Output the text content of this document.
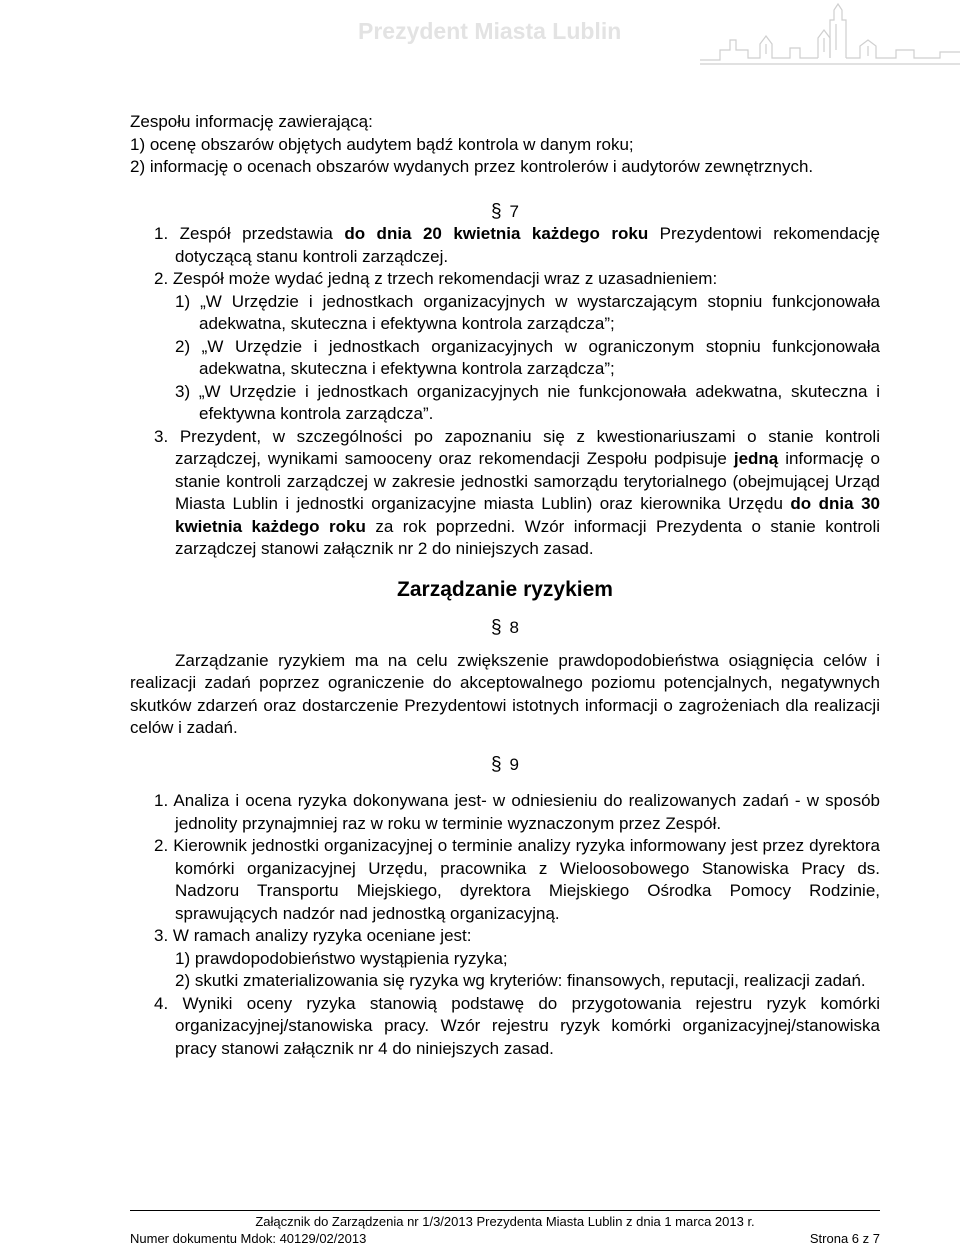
Prezydent Miasta Lublin
Zespołu informację zawierającą:
1) ocenę obszarów objętych audytem bądź kontrola w danym roku;
2) informację o ocenach obszarów wydanych przez kontrolerów i audytorów zewnętrznych.
§ 7
1. Zespół przedstawia do dnia 20 kwietnia każdego roku Prezydentowi rekomendację dotyczącą stanu kontroli zarządczej.
2. Zespół może wydać jedną z trzech rekomendacji wraz z uzasadnieniem:
1) „W Urzędzie i jednostkach organizacyjnych w wystarczającym stopniu funkcjonowała adekwatna, skuteczna i efektywna kontrola zarządcza”;
2) „W Urzędzie i jednostkach organizacyjnych w ograniczonym stopniu funkcjonowała adekwatna, skuteczna i efektywna kontrola zarządcza”;
3) „W Urzędzie i jednostkach organizacyjnych nie funkcjonowała adekwatna, skuteczna i efektywna kontrola zarządcza”.
3. Prezydent, w szczególności po zapoznaniu się z kwestionariuszami o stanie kontroli zarządczej, wynikami samooceny oraz rekomendacji Zespołu podpisuje jedną informację o stanie kontroli zarządczej w zakresie jednostki samorządu terytorialnego (obejmującej Urząd Miasta Lublin i jednostki organizacyjne miasta Lublin) oraz kierownika Urzędu do dnia 30 kwietnia każdego roku za rok poprzedni. Wzór informacji Prezydenta o stanie kontroli zarządczej stanowi załącznik nr 2 do niniejszych zasad.
Zarządzanie ryzykiem
§ 8
Zarządzanie ryzykiem ma na celu zwiększenie prawdopodobieństwa osiągnięcia celów i realizacji zadań poprzez ograniczenie do akceptowalnego poziomu potencjalnych, negatywnych skutków zdarzeń oraz dostarczenie Prezydentowi istotnych informacji o zagrożeniach dla realizacji celów i zadań.
§ 9
1. Analiza i ocena ryzyka dokonywana jest- w odniesieniu do realizowanych zadań - w sposób jednolity przynajmniej raz w roku w terminie wyznaczonym przez Zespół.
2. Kierownik jednostki organizacyjnej o terminie analizy ryzyka informowany jest przez dyrektora komórki organizacyjnej Urzędu, pracownika z Wieloosobowego Stanowiska Pracy ds. Nadzoru Transportu Miejskiego, dyrektora Miejskiego Ośrodka Pomocy Rodzinie, sprawujących nadzór nad jednostką organizacyjną.
3. W ramach analizy ryzyka oceniane jest:
1) prawdopodobieństwo wystąpienia ryzyka;
2) skutki zmaterializowania się ryzyka wg kryteriów: finansowych, reputacji, realizacji zadań.
4. Wyniki oceny ryzyka stanowią podstawę do przygotowania rejestru ryzyk komórki organizacyjnej/stanowiska pracy. Wzór rejestru ryzyk komórki organizacyjnej/stanowiska pracy stanowi załącznik nr 4 do niniejszych zasad.
Załącznik do Zarządzenia nr 1/3/2013 Prezydenta Miasta Lublin z dnia 1 marca 2013 r.
Numer dokumentu Mdok: 40129/02/2013	Strona 6 z 7
